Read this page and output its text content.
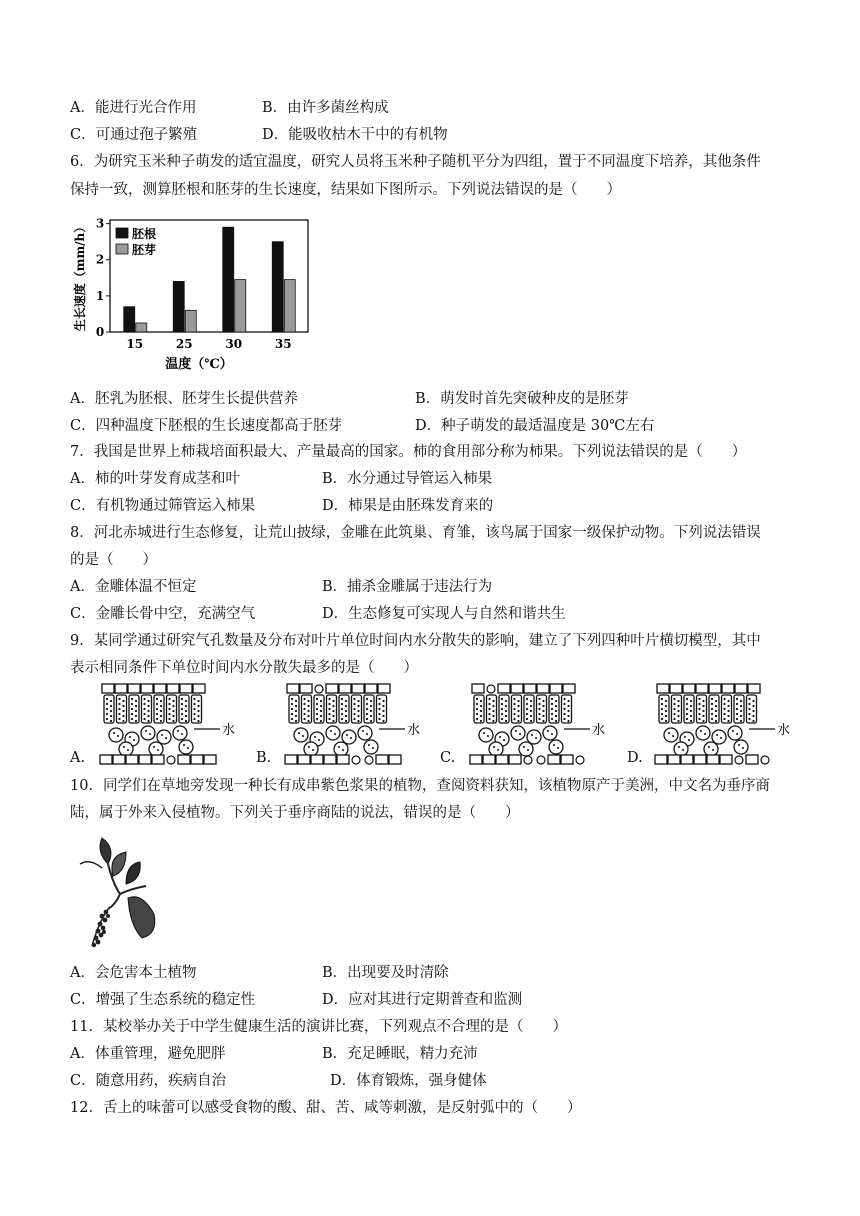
A．能进行光合作用	B．由许多菌丝构成
C．可通过孢子繁殖	D．能吸收枯木干中的有机物
6．为研究玉米种子萌发的适宜温度，研究人员将玉米种子随机平分为四组，置于不同温度下培养，其他条件
保持一致，测算胚根和胚芽的生长速度，结果如下图所示。下列说法错误的是（　　）
0
1
2
3
生长速度（mm/h）
15	25	30	35
温度（℃）
胚根
胚芽
A．胚乳为胚根、胚芽生长提供营养	B．萌发时首先突破种皮的是胚芽
C．四种温度下胚根的生长速度都高于胚芽	D．种子萌发的最适温度是 30℃左右
7．我国是世界上柿栽培面积最大、产量最高的国家。柿的食用部分称为柿果。下列说法错误的是（　　）
A．柿的叶芽发育成茎和叶	B．水分通过导管运入柿果
C．有机物通过筛管运入柿果	D．柿果是由胚珠发育来的
8．河北赤城进行生态修复，让荒山披绿，金雕在此筑巢、育雏，该鸟属于国家一级保护动物。下列说法错误
的是（　　）
A．金雕体温不恒定	B．捕杀金雕属于违法行为
C．金雕长骨中空，充满空气	D．生态修复可实现人与自然和谐共生
9．某同学通过研究气孔数量及分布对叶片单位时间内水分散失的影响，建立了下列四种叶片横切模型，其中
表示相同条件下单位时间内水分散失最多的是（　　）
A.	B.	C.	D.
水	水	水	水
10．同学们在草地旁发现一种长有成串紫色浆果的植物，查阅资料获知，该植物原产于美洲，中文名为垂序商
陆，属于外来入侵植物。下列关于垂序商陆的说法，错误的是（　　）
A．会危害本土植物	B．出现要及时清除
C．增强了生态系统的稳定性	D．应对其进行定期普查和监测
11．某校举办关于中学生健康生活的演讲比赛，下列观点不合理的是（　　）
A．体重管理，避免肥胖	B．充足睡眠，精力充沛
C．随意用药，疾病自治	D．体育锻炼，强身健体
12．舌上的味蕾可以感受食物的酸、甜、苦、咸等刺激，是反射弧中的（　　）
